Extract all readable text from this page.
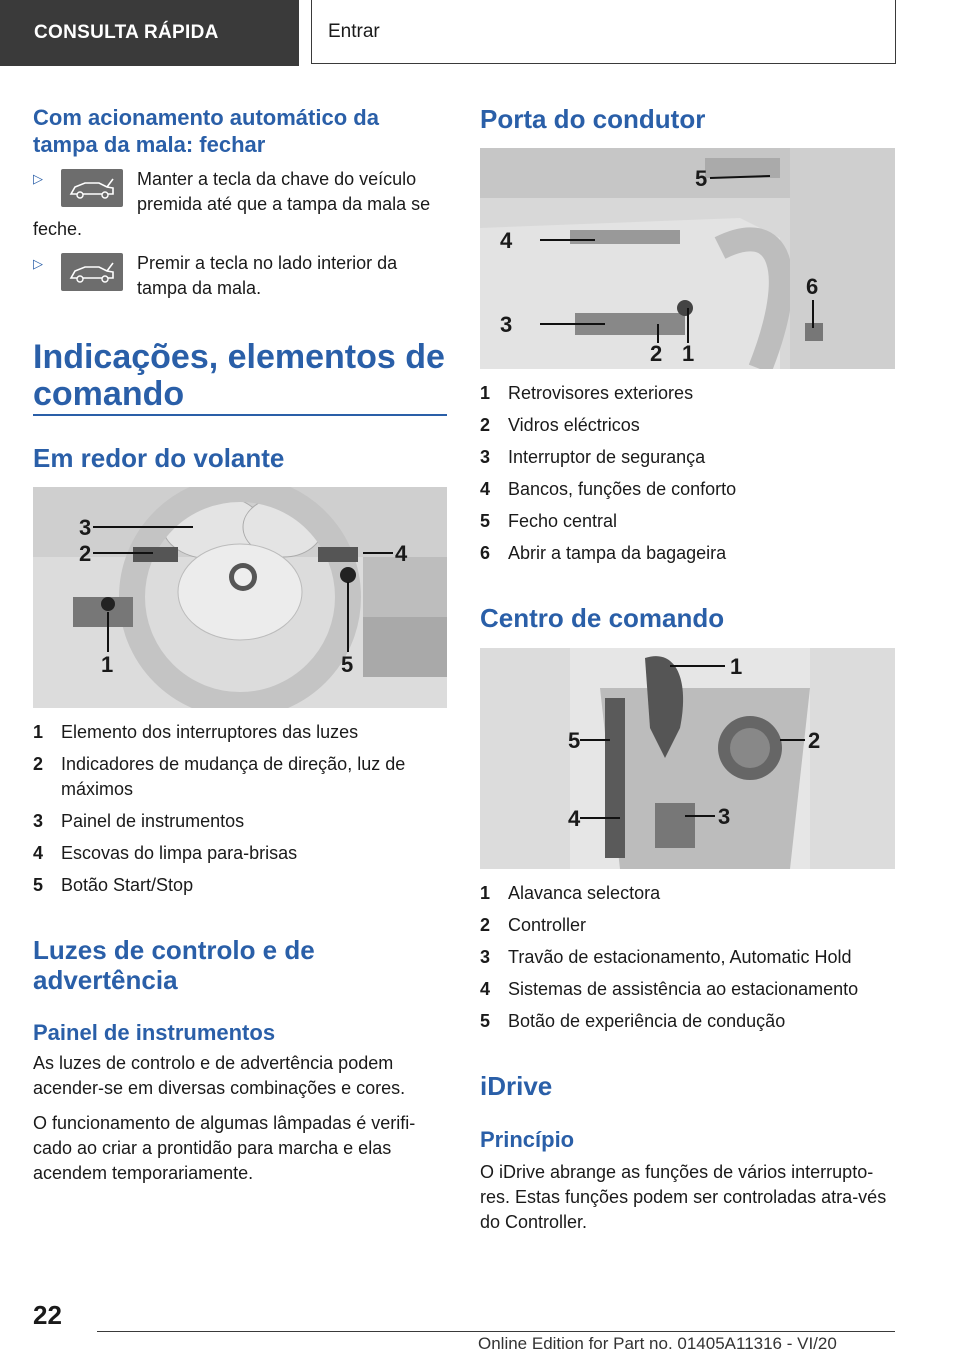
CONSULTA RÁPIDA	Entrar
Com acionamento automático da tampa da mala: fechar
▷	Manter a tecla da chave do veículo
premida até que a tampa da mala se
feche.
▷	Premir a tecla no lado interior da
tampa da mala.
Indicações, elementos de
comando
Em redor do volante
3
2
1
4
5
1 Elemento dos interruptores das luzes
2 Indicadores de mudança de direção, luz de máximos
3 Painel de instrumentos
4 Escovas do limpa para-brisas
5 Botão Start/Stop
Luzes de controlo e de
advertência
Painel de instrumentos
As luzes de controlo e de advertência podem acender-se em diversas combinações e cores.
O funcionamento de algumas lâmpadas é verifi-cado ao criar a prontidão para marcha e elas acendem temporariamente.
Porta do condutor
4
5
3
2 1
6
1 Retrovisores exteriores
2 Vidros eléctricos
3 Interruptor de segurança
4 Bancos, funções de conforto
5 Fecho central
6 Abrir a tampa da bagageira
Centro de comando
1
2
3
4
5
1 Alavanca selectora
2 Controller
3 Travão de estacionamento, Automatic Hold
4 Sistemas de assistência ao estacionamento
5 Botão de experiência de condução
iDrive
Princípio
O iDrive abrange as funções de vários interrupto-res. Estas funções podem ser controladas atra-vés do Controller.
22
Online Edition for Part no. 01405A11316 - VI/20
